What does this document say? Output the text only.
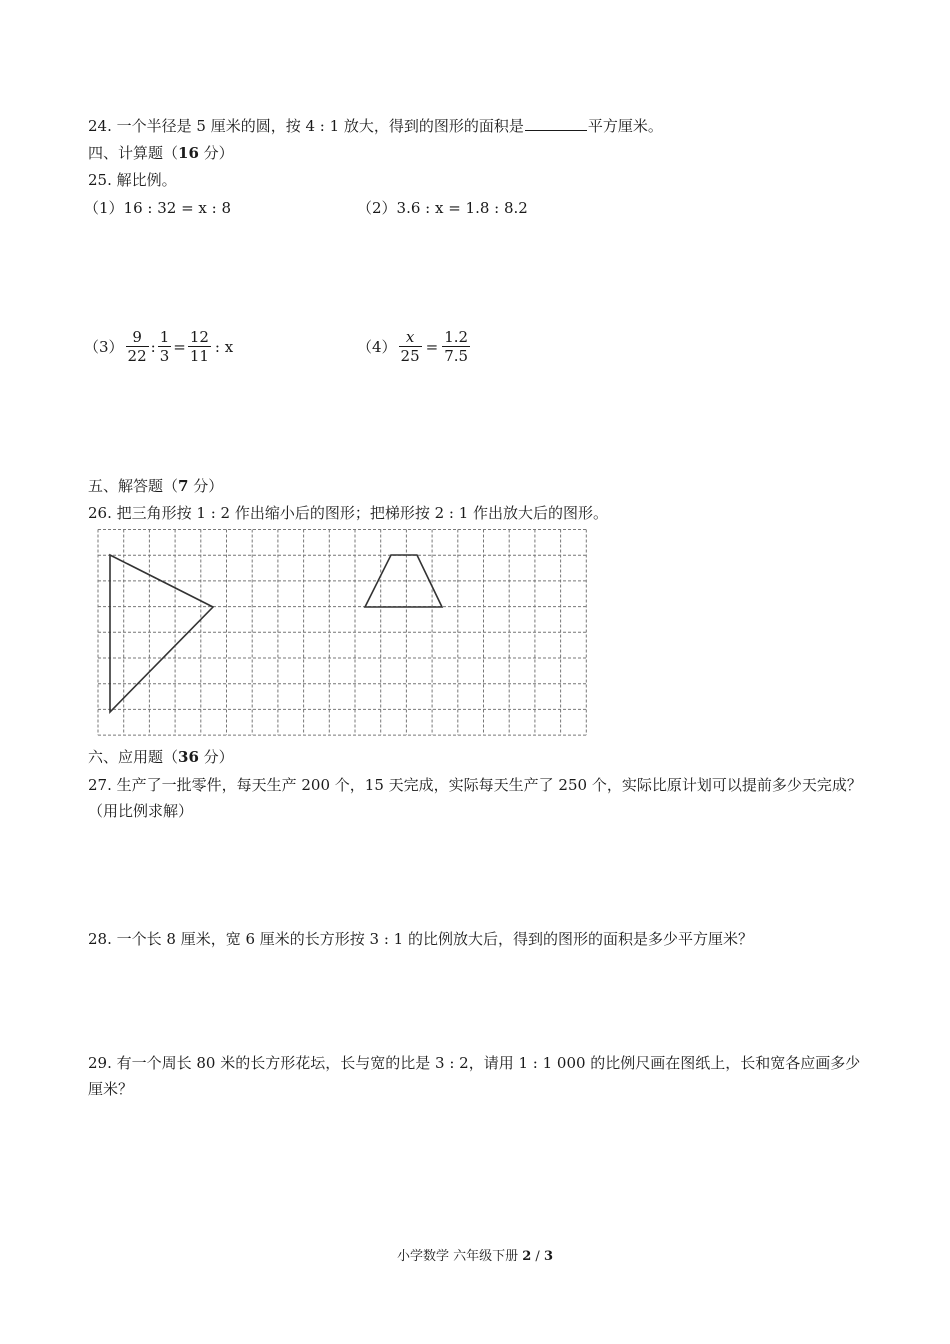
24. 一个半径是 5 厘米的圆，按 4 : 1 放大，得到的图形的面积是	平方厘米。
四、计算题（16 分）
25. 解比例。
（1）16 : 32 = x : 8	（2）3.6 : x = 1.8 : 8.2
$(3) \frac{9}{22}$ : $\frac{1}{3} = \frac{12}{11}$ : x	$(4) \frac{x}{25} = \frac{1.2}{7.5}$
五、解答题（7 分）
26. 把三角形按 1 : 2 作出缩小后的图形；把梯形按 2 : 1 作出放大后的图形。
六、应用题（36 分）
27. 生产了一批零件，每天生产 200 个，15 天完成，实际每天生产了 250 个，实际比原计划可以提前多少天完成？（用比例求解）
28. 一个长 8 厘米，宽 6 厘米的长方形按 3 : 1 的比例放大后，得到的图形的面积是多少平方厘米？
29. 有一个周长 80 米的长方形花坛，长与宽的比是 3 : 2，请用 1 : 1 000 的比例尺画在图纸上，长和宽各应画多少厘米？
小学数学 六年级下册 2 / 3
